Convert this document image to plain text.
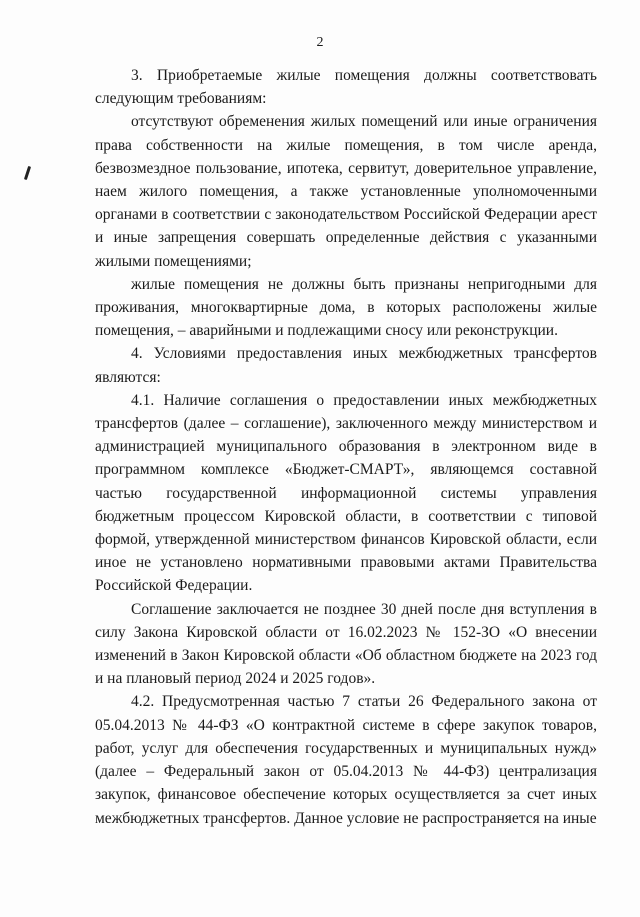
2

3. Приобретаемые жилые помещения должны соответствовать следующим требованиям:

отсутствуют обременения жилых помещений или иные ограничения права собственности на жилые помещения, в том числе аренда, безвозмездное пользование, ипотека, сервитут, доверительное управление, наем жилого помещения, а также установленные уполномоченными органами в соответствии с законодательством Российской Федерации арест и иные запрещения совершать определенные действия с указанными жилыми помещениями;

жилые помещения не должны быть признаны непригодными для проживания, многоквартирные дома, в которых расположены жилые помещения, – аварийными и подлежащими сносу или реконструкции.

4. Условиями предоставления иных межбюджетных трансфертов являются:

4.1. Наличие соглашения о предоставлении иных межбюджетных трансфертов (далее – соглашение), заключенного между министерством и администрацией муниципального образования в электронном виде в программном комплексе «Бюджет-СМАРТ», являющемся составной частью государственной информационной системы управления бюджетным процессом Кировской области, в соответствии с типовой формой, утвержденной министерством финансов Кировской области, если иное не установлено нормативными правовыми актами Правительства Российской Федерации.

Соглашение заключается не позднее 30 дней после дня вступления в силу Закона Кировской области от 16.02.2023 № 152-ЗО «О внесении изменений в Закон Кировской области «Об областном бюджете на 2023 год и на плановый период 2024 и 2025 годов».

4.2. Предусмотренная частью 7 статьи 26 Федерального закона от 05.04.2013 № 44-ФЗ «О контрактной системе в сфере закупок товаров, работ, услуг для обеспечения государственных и муниципальных нужд» (далее – Федеральный закон от 05.04.2013 № 44-ФЗ) централизация закупок, финансовое обеспечение которых осуществляется за счет иных межбюджетных трансфертов. Данное условие не распространяется на иные
